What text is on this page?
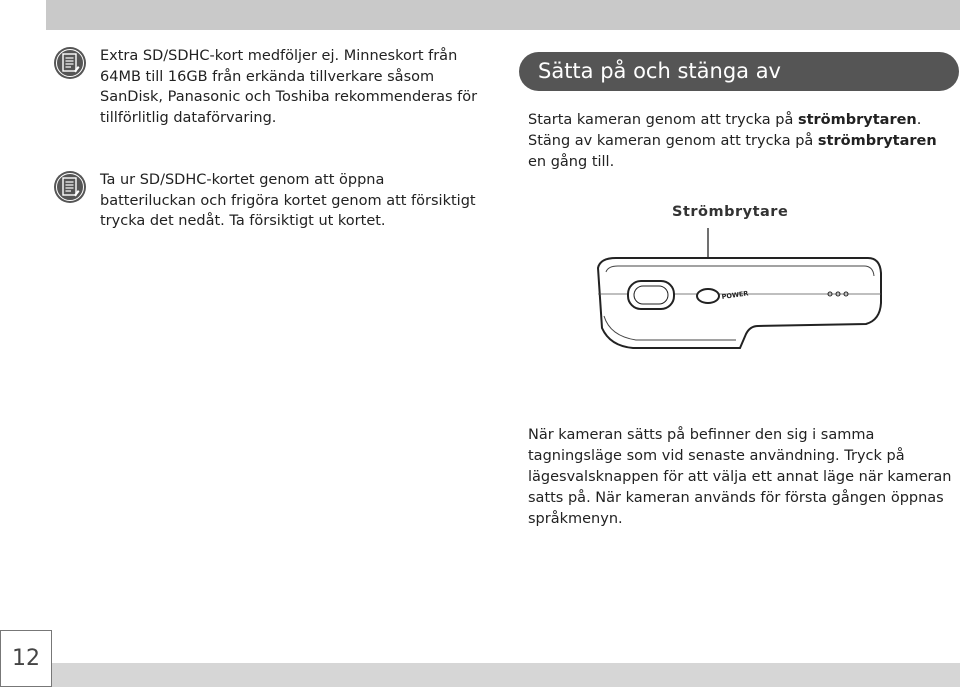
Extra SD/SDHC-kort medföljer ej. Minneskort från 64MB till 16GB från erkända tillverkare såsom SanDisk, Panasonic och Toshiba rekommenderas för tillförlitlig dataförvaring.

Ta ur SD/SDHC-kortet genom att öppna batteriluckan och frigöra kortet genom att försiktigt trycka det nedåt. Ta försiktigt ut kortet.

Sätta på och stänga av

Starta kameran genom att trycka på strömbrytaren. Stäng av kameran genom att trycka på strömbrytaren en gång till.

Strömbrytare
POWER

När kameran sätts på befinner den sig i samma tagningsläge som vid senaste användning. Tryck på lägesvalsknappen för att välja ett annat läge när kameran satts på. När kameran används för första gången öppnas språkmenyn.

12
